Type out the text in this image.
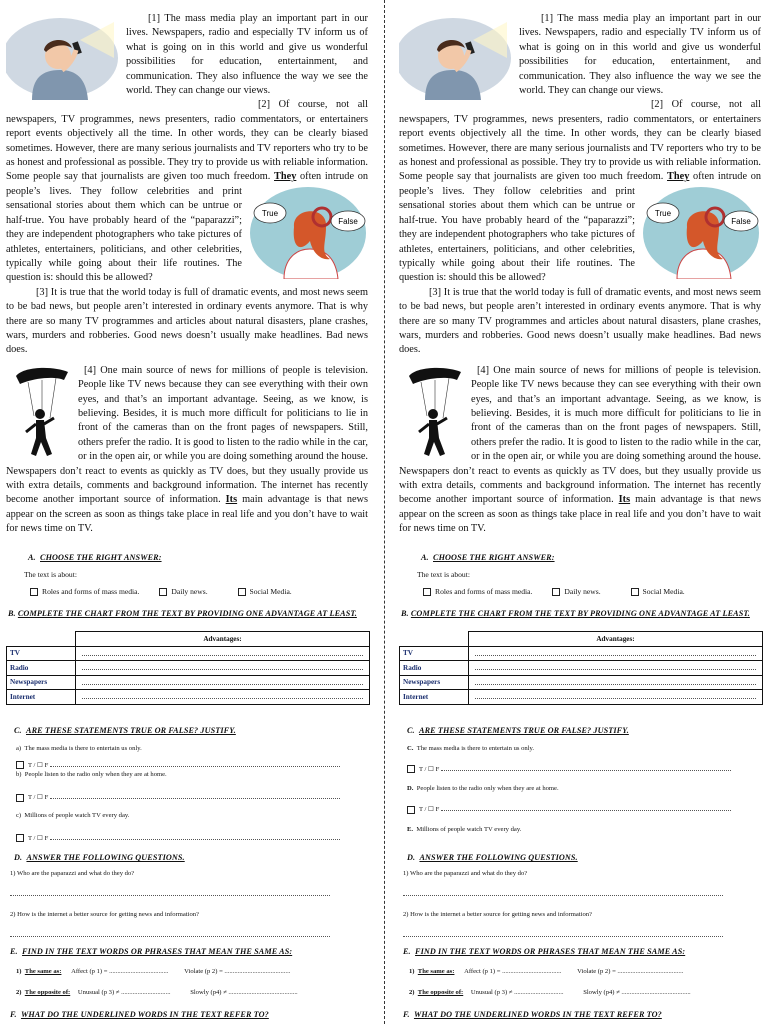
[1] The mass media play an important part in our lives. Newspapers, radio and especially TV inform us of what is going on in this world and give us wonderful possibilities for education, entertainment, and communication. They also influence the way we see the world. They can change our views.

[2] Of course, not all newspapers, TV programmes, news presenters, radio commentators, or entertainers report events objectively all the time. In other words, they can be clearly biased sometimes. However, there are many serious journalists and TV reporters who try to be as honest and professional as possible. They try to provide us with reliable information. Some people say that journalists are given too much freedom. They
True
False
often intrude on people’s lives. They follow celebrities and print sensational stories about them which can be untrue or half-true. You have probably heard of the “paparazzi”; they are independent photographers who take pictures of athletes, entertainers, politicians, and other celebrities, typically while going about their life routines. The question is: should this be allowed?

[3] It is true that the world today is full of dramatic events, and most news seem to be bad news, but people aren’t interested in ordinary events anymore. That is why there are so many TV programmes and articles about natural disasters, plane crashes, wars, murders and robberies. Good news doesn’t usually make headlines. Bad news does.

[4] One main source of news for millions of people is television. People like TV news because they can see everything with their own eyes, and that’s an important advantage. Seeing, as we know, is believing. Besides, it is much more difficult for politicians to lie in front of the cameras than on the front pages of newspapers. Still, others prefer the radio. It is good to listen to the radio while in the car, or in the open air, or while you are doing something around the house. Newspapers don’t react to events as quickly as TV does, but they usually provide us with extra details, comments and background information. The internet has recently become another important source of information. Its main advantage is that news appear on the screen as soon as things take place in real life and you don’t have to wait for news time on TV.

A. CHOOSE THE RIGHT ANSWER:
The text is about:
Roles and forms of mass media.	Daily news.	Social Media.
B. COMPLETE THE CHART FROM THE TEXT BY PROVIDING ONE ADVANTAGE AT LEAST.
	Advantages:
TV	
Radio	
Newspapers	
Internet	
C. ARE THESE STATEMENTS TRUE OR FALSE? JUSTIFY.
a) The mass media is there to entertain us only.
T / ☐ F
b) People listen to the radio only when they are at home.
T / ☐ F
c) Millions of people watch TV every day.
T / ☐ F
D. ANSWER THE FOLLOWING QUESTIONS.
1) Who are the paparazzi and what do they do?
2) How is the internet a better source for getting news and information?
E. FIND IN THE TEXT WORDS OR PHRASES THAT MEAN THE SAME AS:
1) The same as: Affect (p 1) = .................................... Violate (p 2) = ........................................
2) The opposite of: Unusual (p 3) ≠ ..............................	Slowly (p4) ≠ ..........................................
F. WHAT DO THE UNDERLINED WORDS IN THE TEXT REFER TO?

[1] The mass media play an important part in our lives. Newspapers, radio and especially TV inform us of what is going on in this world and give us wonderful possibilities for education, entertainment, and communication. They also influence the way we see the world. They can change our views.

[2] Of course, not all newspapers, TV programmes, news presenters, radio commentators, or entertainers report events objectively all the time. In other words, they can be clearly biased sometimes. However, there are many serious journalists and TV reporters who try to be as honest and professional as possible. They try to provide us with reliable information. Some people say that journalists are given too much freedom. They
True
False
often intrude on people’s lives. They follow celebrities and print sensational stories about them which can be untrue or half-true. You have probably heard of the “paparazzi”; they are independent photographers who take pictures of athletes, entertainers, politicians, and other celebrities, typically while going about their life routines. The question is: should this be allowed?

[3] It is true that the world today is full of dramatic events, and most news seem to be bad news, but people aren’t interested in ordinary events anymore. That is why there are so many TV programmes and articles about natural disasters, plane crashes, wars, murders and robberies. Good news doesn’t usually make headlines. Bad news does.

[4] One main source of news for millions of people is television. People like TV news because they can see everything with their own eyes, and that’s an important advantage. Seeing, as we know, is believing. Besides, it is much more difficult for politicians to lie in front of the cameras than on the front pages of newspapers. Still, others prefer the radio. It is good to listen to the radio while in the car, or in the open air, or while you are doing something around the house. Newspapers don’t react to events as quickly as TV does, but they usually provide us with extra details, comments and background information. The internet has recently become another important source of information. Its main advantage is that news appear on the screen as soon as things take place in real life and you don’t have to wait for news time on TV.

A. CHOOSE THE RIGHT ANSWER:
The text is about:
Roles and forms of mass media.	Daily news.	Social Media.
B. COMPLETE THE CHART FROM THE TEXT BY PROVIDING ONE ADVANTAGE AT LEAST.
	Advantages:
TV	
Radio	
Newspapers	
Internet	
C. ARE THESE STATEMENTS TRUE OR FALSE? JUSTIFY.
C. The mass media is there to entertain us only.
T / ☐ F
D. People listen to the radio only when they are at home.
T / ☐ F
E. Millions of people watch TV every day.
D. ANSWER THE FOLLOWING QUESTIONS.
1) Who are the paparazzi and what do they do?
2) How is the internet a better source for getting news and information?
E. FIND IN THE TEXT WORDS OR PHRASES THAT MEAN THE SAME AS:
1) The same as: Affect (p 1) = .................................... Violate (p 2) = ........................................
2) The opposite of: Unusual (p 3) ≠ ..............................	Slowly (p4) ≠ ..........................................
F. WHAT DO THE UNDERLINED WORDS IN THE TEXT REFER TO?
